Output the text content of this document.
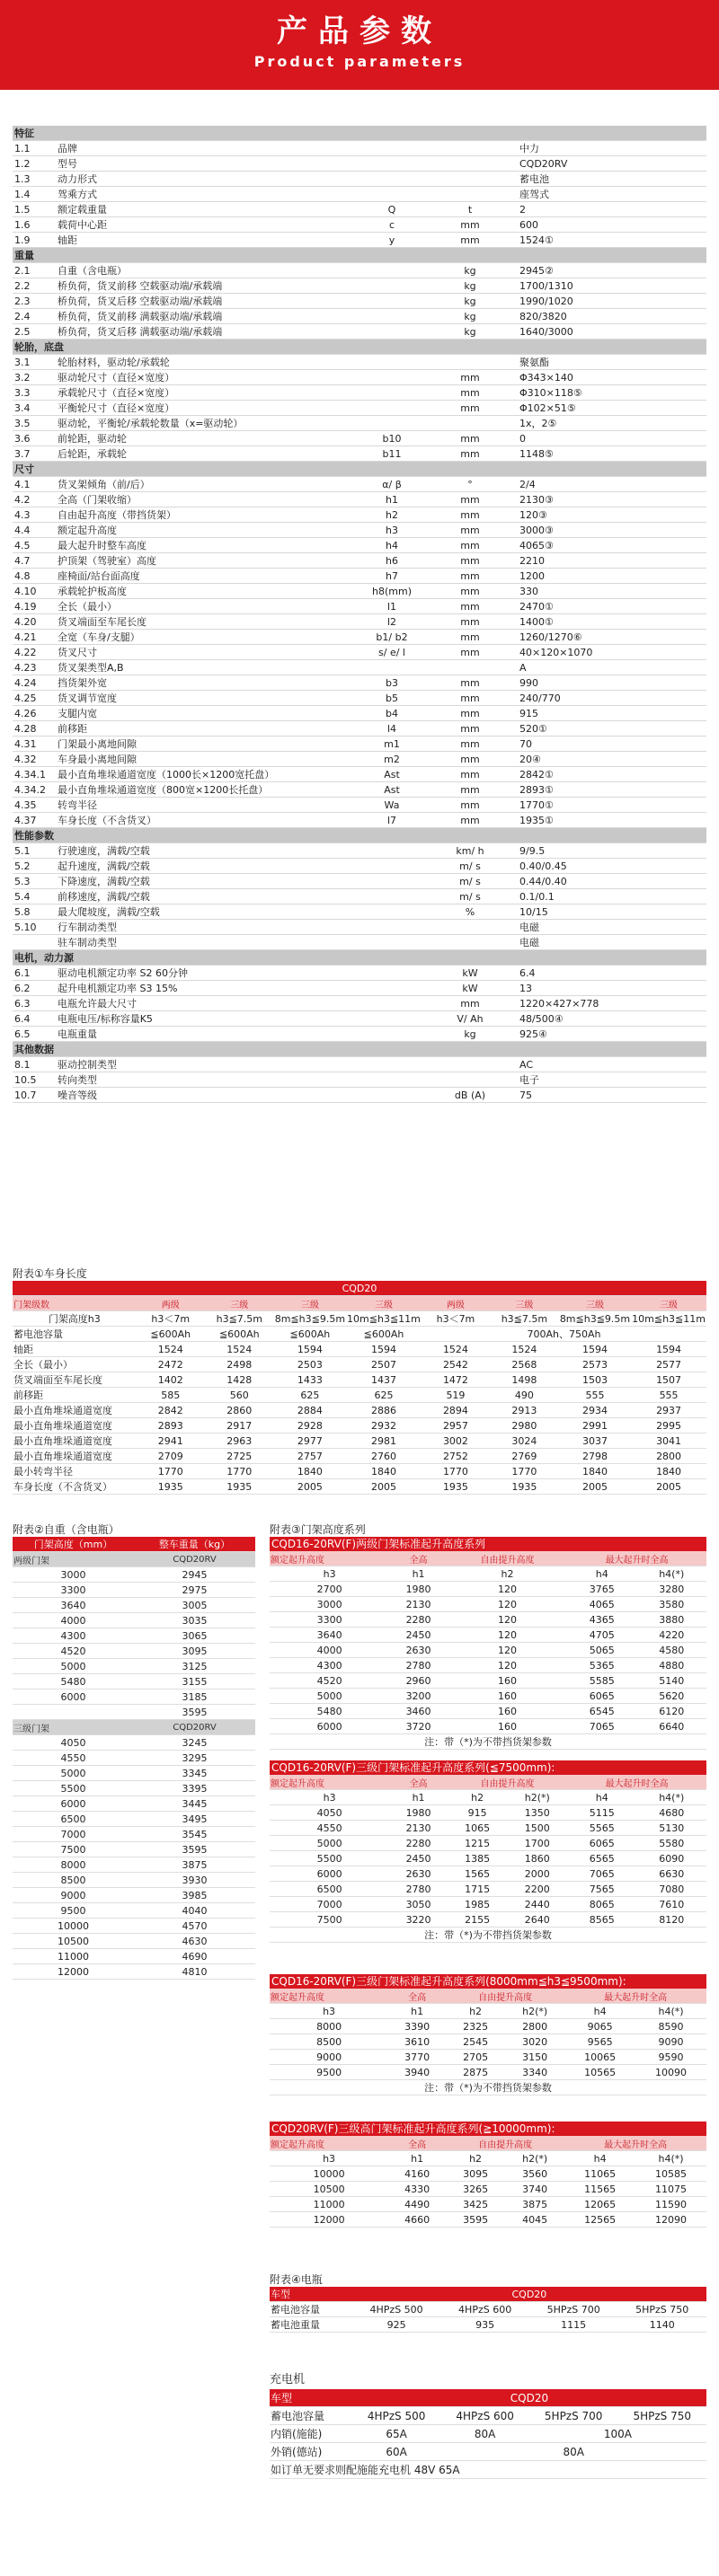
产品参数
Product parameters
特征				
1.1	品牌			中力
1.2	型号			CQD20RV
1.3	动力形式			蓄电池
1.4	驾乘方式			座驾式
1.5	额定载重量	Q	t	2
1.6	载荷中心距	c	mm	600
1.9	轴距	y	mm	1524①
重量				
2.1	自重（含电瓶）		kg	2945②
2.2	桥负荷，货叉前移 空载驱动端/承载端		kg	1700/1310
2.3	桥负荷，货叉后移 空载驱动端/承载端		kg	1990/1020
2.4	桥负荷，货叉前移 满载驱动端/承载端		kg	820/3820
2.5	桥负荷，货叉后移 满载驱动端/承载端		kg	1640/3000
轮胎，底盘				
3.1	轮胎材料，驱动轮/承载轮			聚氨酯
3.2	驱动轮尺寸（直径×宽度）		mm	Φ343×140
3.3	承载轮尺寸（直径×宽度）		mm	Φ310×118⑤
3.4	平衡轮尺寸（直径×宽度）		mm	Φ102×51⑤
3.5	驱动轮，平衡轮/承载轮数量（x=驱动轮）			1x，2⑤
3.6	前轮距，驱动轮	b10	mm	0
3.7	后轮距，承载轮	b11	mm	1148⑤
尺寸				
4.1	货叉架倾角（前/后）	α/ β	°	2/4
4.2	全高（门架收缩）	h1	mm	2130③
4.3	自由起升高度（带挡货架）	h2	mm	120③
4.4	额定起升高度	h3	mm	3000③
4.5	最大起升时整车高度	h4	mm	4065③
4.7	护顶架（驾驶室）高度	h6	mm	2210
4.8	座椅面/站台面高度	h7	mm	1200
4.10	承载轮护板高度	h8(mm)	mm	330
4.19	全长（最小）	l1	mm	2470①
4.20	货叉端面至车尾长度	l2	mm	1400①
4.21	全宽（车身/支腿）	b1/ b2	mm	1260/1270⑥
4.22	货叉尺寸	s/ e/ l	mm	40×120×1070
4.23	货叉架类型A,B			A
4.24	挡货架外宽	b3	mm	990
4.25	货叉调节宽度	b5	mm	240/770
4.26	支腿内宽	b4	mm	915
4.28	前移距	l4	mm	520①
4.31	门架最小离地间隙	m1	mm	70
4.32	车身最小离地间隙	m2	mm	20④
4.34.1	最小直角堆垛通道宽度（1000长×1200宽托盘）	Ast	mm	2842①
4.34.2	最小直角堆垛通道宽度（800宽×1200长托盘）	Ast	mm	2893①
4.35	转弯半径	Wa	mm	1770①
4.37	车身长度（不含货叉）	l7	mm	1935①
性能参数				
5.1	行驶速度，满载/空载		km/ h	9/9.5
5.2	起升速度，满载/空载		m/ s	0.40/0.45
5.3	下降速度，满载/空载		m/ s	0.44/0.40
5.4	前移速度，满载/空载		m/ s	0.1/0.1
5.8	最大爬坡度，满载/空载		%	10/15
5.10	行车制动类型			电磁
	驻车制动类型			电磁
电机，动力源				
6.1	驱动电机额定功率 S2 60分钟		kW	6.4
6.2	起升电机额定功率 S3 15%		kW	13
6.3	电瓶允许最大尺寸		mm	1220×427×778
6.4	电瓶电压/标称容量K5		V/ Ah	48/500④
6.5	电瓶重量		kg	925④
其他数据				
8.1	驱动控制类型			AC
10.5	转向类型			电子
10.7	噪音等级		dB (A)	75
附表①车身长度
CQD20								
门架级数	两级	三级	三级	三级	两级	三级	三级	三级
门架高度h3	h3＜7m	h3≦7.5m	8m≦h3≦9.5m	10m≦h3≦11m	h3＜7m	h3≦7.5m	8m≦h3≦9.5m	10m≦h3≦11m
蓄电池容量	≦600Ah	≦600Ah	≦600Ah	≦600Ah	700Ah、750Ah			
轴距	1524	1524	1594	1594	1524	1524	1594	1594
全长（最小）	2472	2498	2503	2507	2542	2568	2573	2577
货叉端面至车尾长度	1402	1428	1433	1437	1472	1498	1503	1507
前移距	585	560	625	625	519	490	555	555
最小直角堆垛通道宽度	2842	2860	2884	2886	2894	2913	2934	2937
最小直角堆垛通道宽度	2893	2917	2928	2932	2957	2980	2991	2995
最小直角堆垛通道宽度	2941	2963	2977	2981	3002	3024	3037	3041
最小直角堆垛通道宽度	2709	2725	2757	2760	2752	2769	2798	2800
最小转弯半径	1770	1770	1840	1840	1770	1770	1840	1840
车身长度（不含货叉）	1935	1935	2005	2005	1935	1935	2005	2005
附表②自重（含电瓶）
门架高度（mm）	整车重量（kg）
两级门架	CQD20RV
3000	2945
3300	2975
3640	3005
4000	3035
4300	3065
4520	3095
5000	3125
5480	3155
6000	3185
	3595
三级门架	CQD20RV
4050	3245
4550	3295
5000	3345
5500	3395
6000	3445
6500	3495
7000	3545
7500	3595
8000	3875
8500	3930
9000	3985
9500	4040
10000	4570
10500	4630
11000	4690
12000	4810
附表③门架高度系列
CQD16-20RV(F)两级门架标准起升高度系列
额定起升高度	全高	自由提升高度	最大起升时全高	
h3	h1	h2	h4	h4(*)
2700	1980	120	3765	3280
3000	2130	120	4065	3580
3300	2280	120	4365	3880
3640	2450	120	4705	4220
4000	2630	120	5065	4580
4300	2780	120	5365	4880
4520	2960	160	5585	5140
5000	3200	160	6065	5620
5480	3460	160	6545	6120
6000	3720	160	7065	6640
注：带（*)为不带挡货架参数				
CQD16-20RV(F)三级门架标准起升高度系列(≦7500mm):
额定起升高度	全高	自由提升高度		最大起升时全高	
h3	h1	h2	h2(*)	h4	h4(*)
4050	1980	915	1350	5115	4680
4550	2130	1065	1500	5565	5130
5000	2280	1215	1700	6065	5580
5500	2450	1385	1860	6565	6090
6000	2630	1565	2000	7065	6630
6500	2780	1715	2200	7565	7080
7000	3050	1985	2440	8065	7610
7500	3220	2155	2640	8565	8120
注：带（*)为不带挡货架参数					
CQD16-20RV(F)三级门架标准起升高度系列(8000mm≦h3≦9500mm):
额定起升高度	全高	自由提升高度		最大起升时全高	
h3	h1	h2	h2(*)	h4	h4(*)
8000	3390	2325	2800	9065	8590
8500	3610	2545	3020	9565	9090
9000	3770	2705	3150	10065	9590
9500	3940	2875	3340	10565	10090
注：带（*)为不带挡货架参数					
CQD20RV(F)三级高门架标准起升高度系列(≧10000mm):
额定起升高度	全高	自由提升高度		最大起升时全高	
h3	h1	h2	h2(*)	h4	h4(*)
10000	4160	3095	3560	11065	10585
10500	4330	3265	3740	11565	11075
11000	4490	3425	3875	12065	11590
12000	4660	3595	4045	12565	12090
附表④电瓶
车型	CQD20			
蓄电池容量	4HPzS 500	4HPzS 600	5HPzS 700	5HPzS 750
蓄电池重量	925	935	1115	1140
充电机
车型	CQD20			
蓄电池容量	4HPzS 500	4HPzS 600	5HPzS 700	5HPzS 750
内销(施能)	65A	80A	100A	
外销(德站)	60A	80A		
如订单无要求则配施能充电机 48V 65A				
